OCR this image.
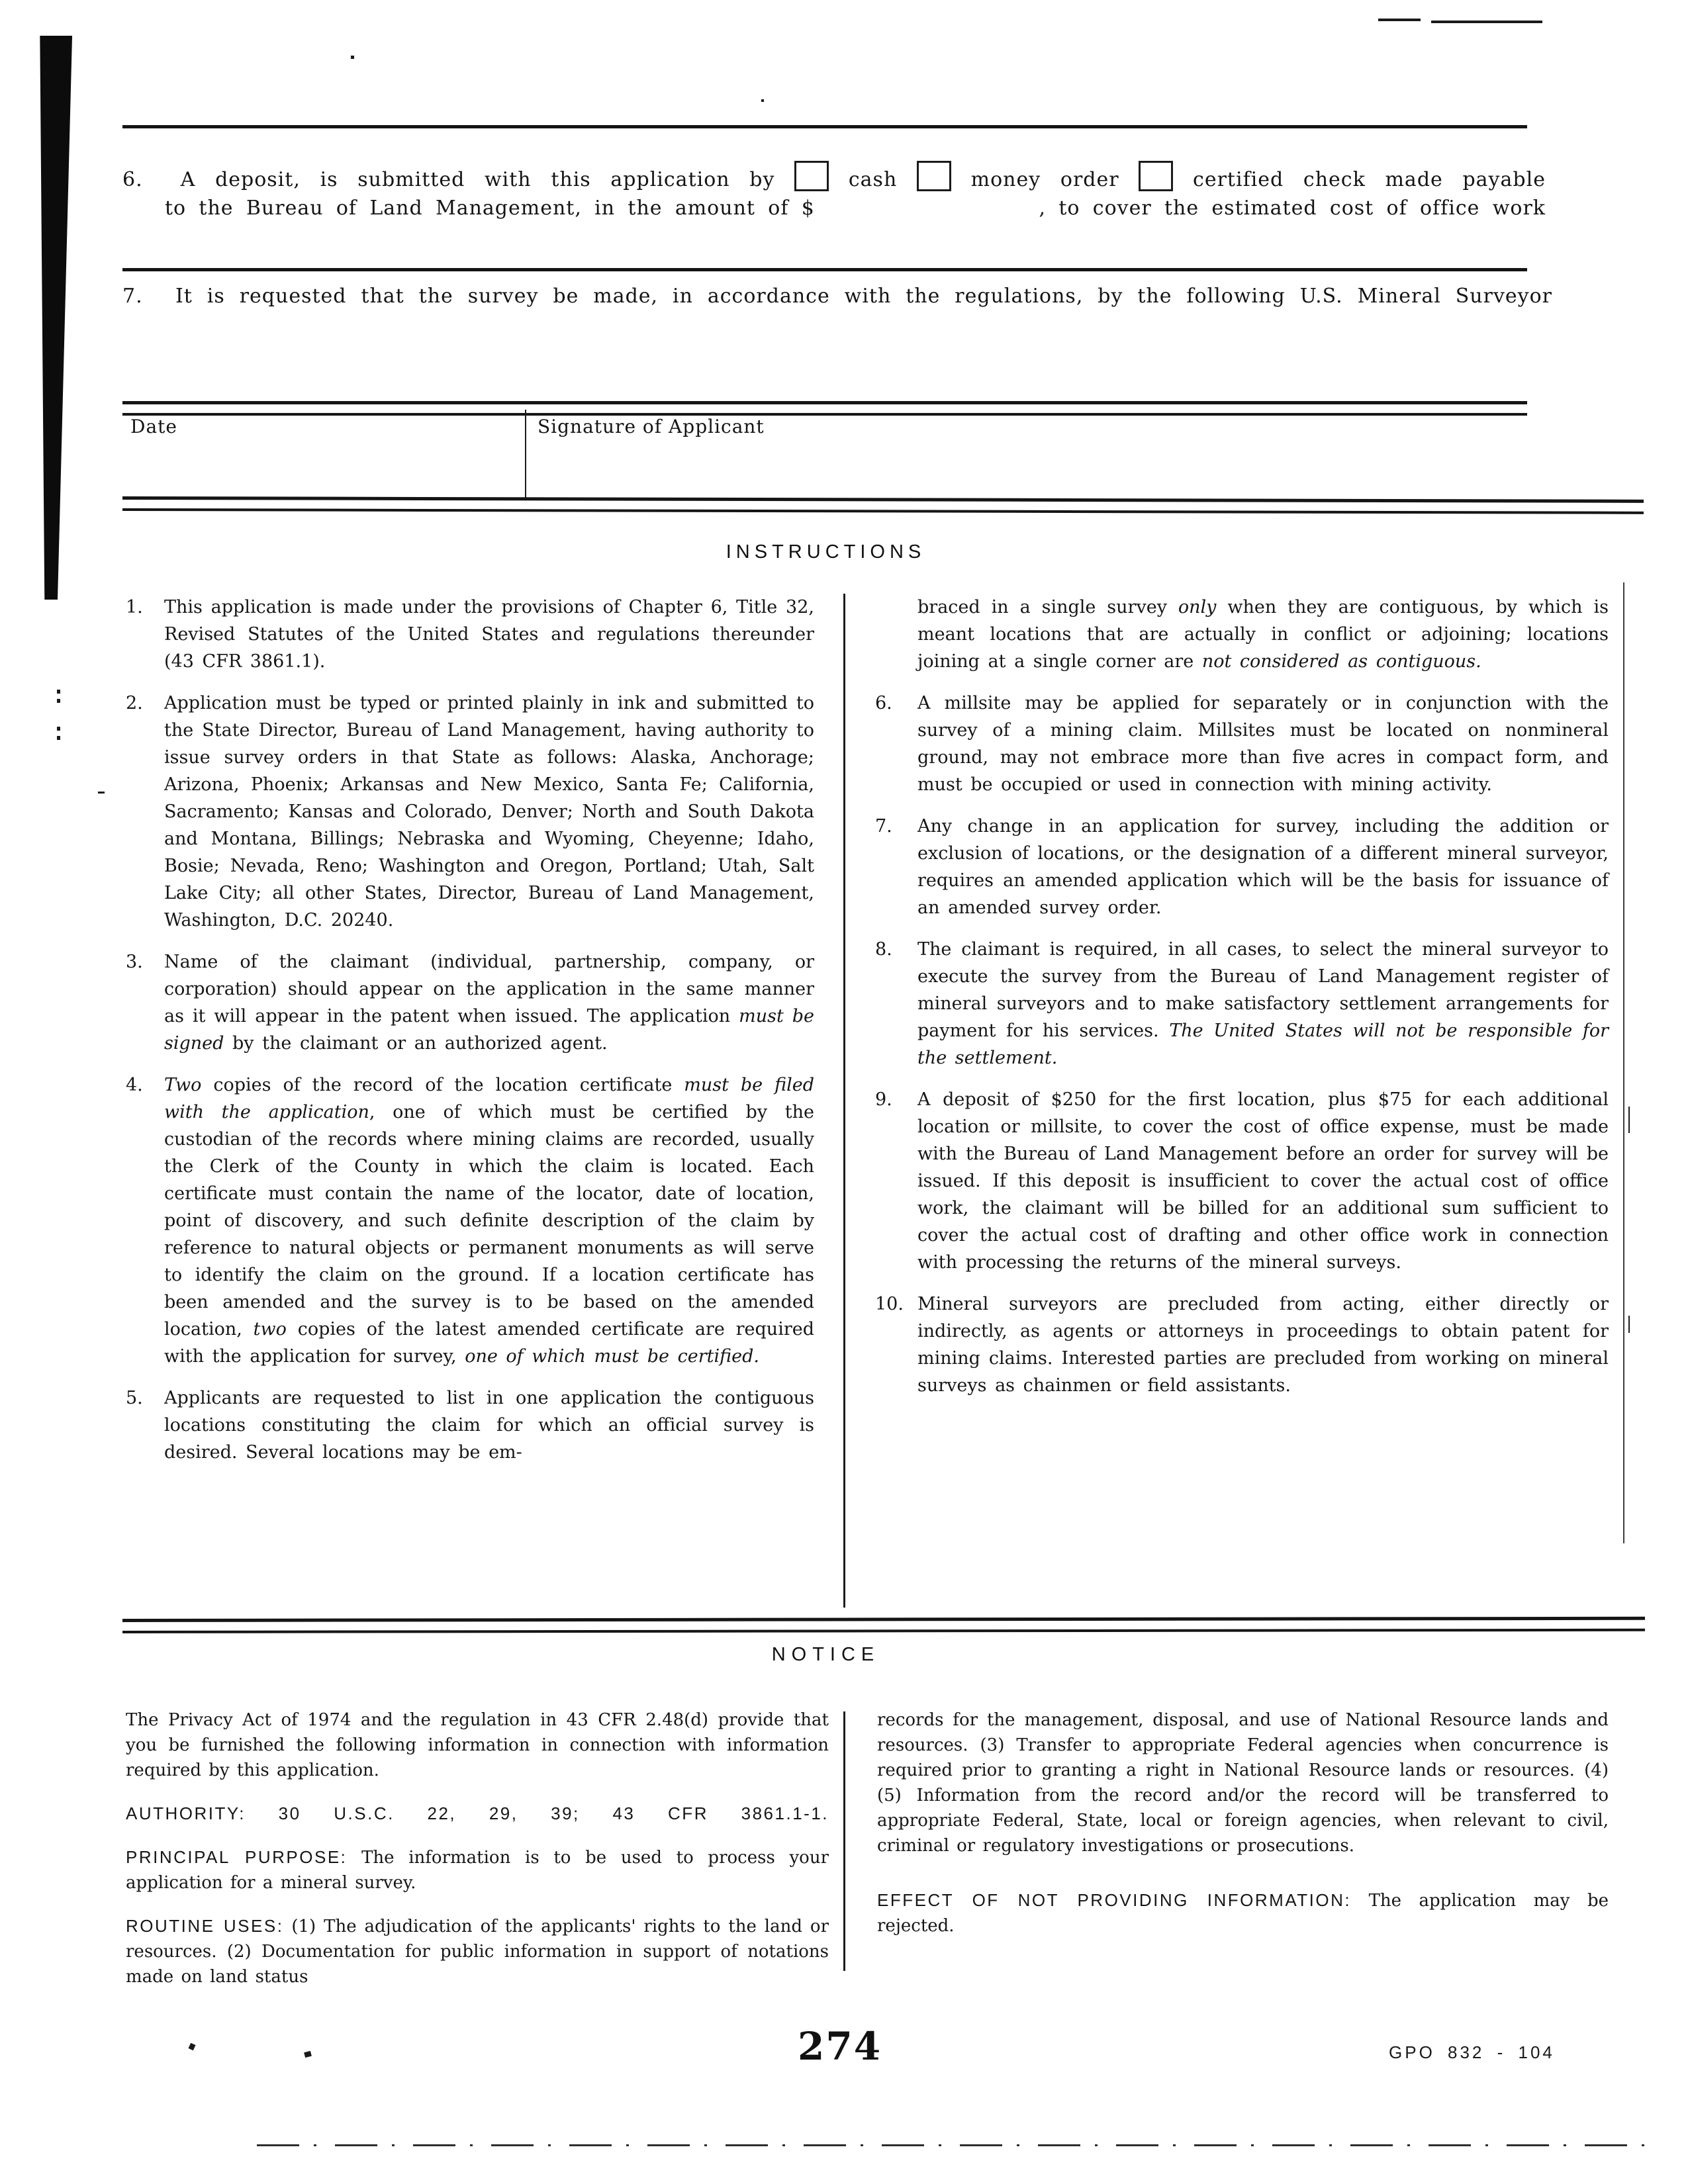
6. A deposit, is submitted with this application by	cash	money order	certified check made payable
to the Bureau of Land Management, in the amount of $	, to cover the estimated cost of office work
7. It is requested that the survey be made, in accordance with the regulations, by the following U.S. Mineral Surveyor
Date	Signature of Applicant
INSTRUCTIONS
1.	This application is made under the provisions of Chapter 6, Title 32, Revised Statutes of the United States and regulations thereunder (43 CFR 3861.1).
2.	Application must be typed or printed plainly in ink and submitted to the State Director, Bureau of Land Management, having authority to issue survey orders in that State as follows: Alaska, Anchorage; Arizona, Phoenix; Arkansas and New Mexico, Santa Fe; California, Sacramento; Kansas and Colorado, Denver; North and South Dakota and Montana, Billings; Nebraska and Wyoming, Cheyenne; Idaho, Bosie; Nevada, Reno; Washington and Oregon, Portland; Utah, Salt Lake City; all other States, Director, Bureau of Land Management, Washington, D.C. 20240.
3.	Name of the claimant (individual, partnership, company, or corporation) should appear on the application in the same manner as it will appear in the patent when issued. The application must be signed by the claimant or an authorized agent.
4.	Two copies of the record of the location certificate must be filed with the application, one of which must be certified by the custodian of the records where mining claims are recorded, usually the Clerk of the County in which the claim is located. Each certificate must contain the name of the locator, date of location, point of discovery, and such definite description of the claim by reference to natural objects or permanent monuments as will serve to identify the claim on the ground. If a location certificate has been amended and the survey is to be based on the amended location, two copies of the latest amended certificate are required with the application for survey, one of which must be certified.
5.	Applicants are requested to list in one application the contiguous locations constituting the claim for which an official survey is desired. Several locations may be em-
braced in a single survey only when they are contiguous, by which is meant locations that are actually in conflict or adjoining; locations joining at a single corner are not considered as contiguous.
6.	A millsite may be applied for separately or in conjunction with the survey of a mining claim. Millsites must be located on nonmineral ground, may not embrace more than five acres in compact form, and must be occupied or used in connection with mining activity.
7.	Any change in an application for survey, including the addition or exclusion of locations, or the designation of a different mineral surveyor, requires an amended application which will be the basis for issuance of an amended survey order.
8.	The claimant is required, in all cases, to select the mineral surveyor to execute the survey from the Bureau of Land Management register of mineral surveyors and to make satisfactory settlement arrangements for payment for his services. The United States will not be responsible for the settlement.
9.	A deposit of $250 for the first location, plus $75 for each additional location or millsite, to cover the cost of office expense, must be made with the Bureau of Land Management before an order for survey will be issued. If this deposit is insufficient to cover the actual cost of office work, the claimant will be billed for an additional sum sufficient to cover the actual cost of drafting and other office work in connection with processing the returns of the mineral surveys.
10. Mineral surveyors are precluded from acting, either directly or indirectly, as agents or attorneys in proceedings to obtain patent for mining claims. Interested parties are precluded from working on mineral surveys as chainmen or field assistants.
NOTICE

The Privacy Act of 1974 and the regulation in 43 CFR 2.48(d) provide that you be furnished the following information in connection with information required by this application.

AUTHORITY: 30 U.S.C. 22, 29, 39; 43 CFR 3861.1-1.

PRINCIPAL PURPOSE: The information is to be used to process your application for a mineral survey.

ROUTINE USES: (1) The adjudication of the applicants' rights to the land or resources. (2) Documentation for public information in support of notations made on land status

records for the management, disposal, and use of National Resource lands and resources. (3) Transfer to appropriate Federal agencies when concurrence is required prior to granting a right in National Resource lands or resources. (4)(5) Information from the record and/or the record will be transferred to appropriate Federal, State, local or foreign agencies, when relevant to civil, criminal or regulatory investigations or prosecutions.

EFFECT OF NOT PROVIDING INFORMATION: The application may be rejected.

274	GPO 832 - 104
